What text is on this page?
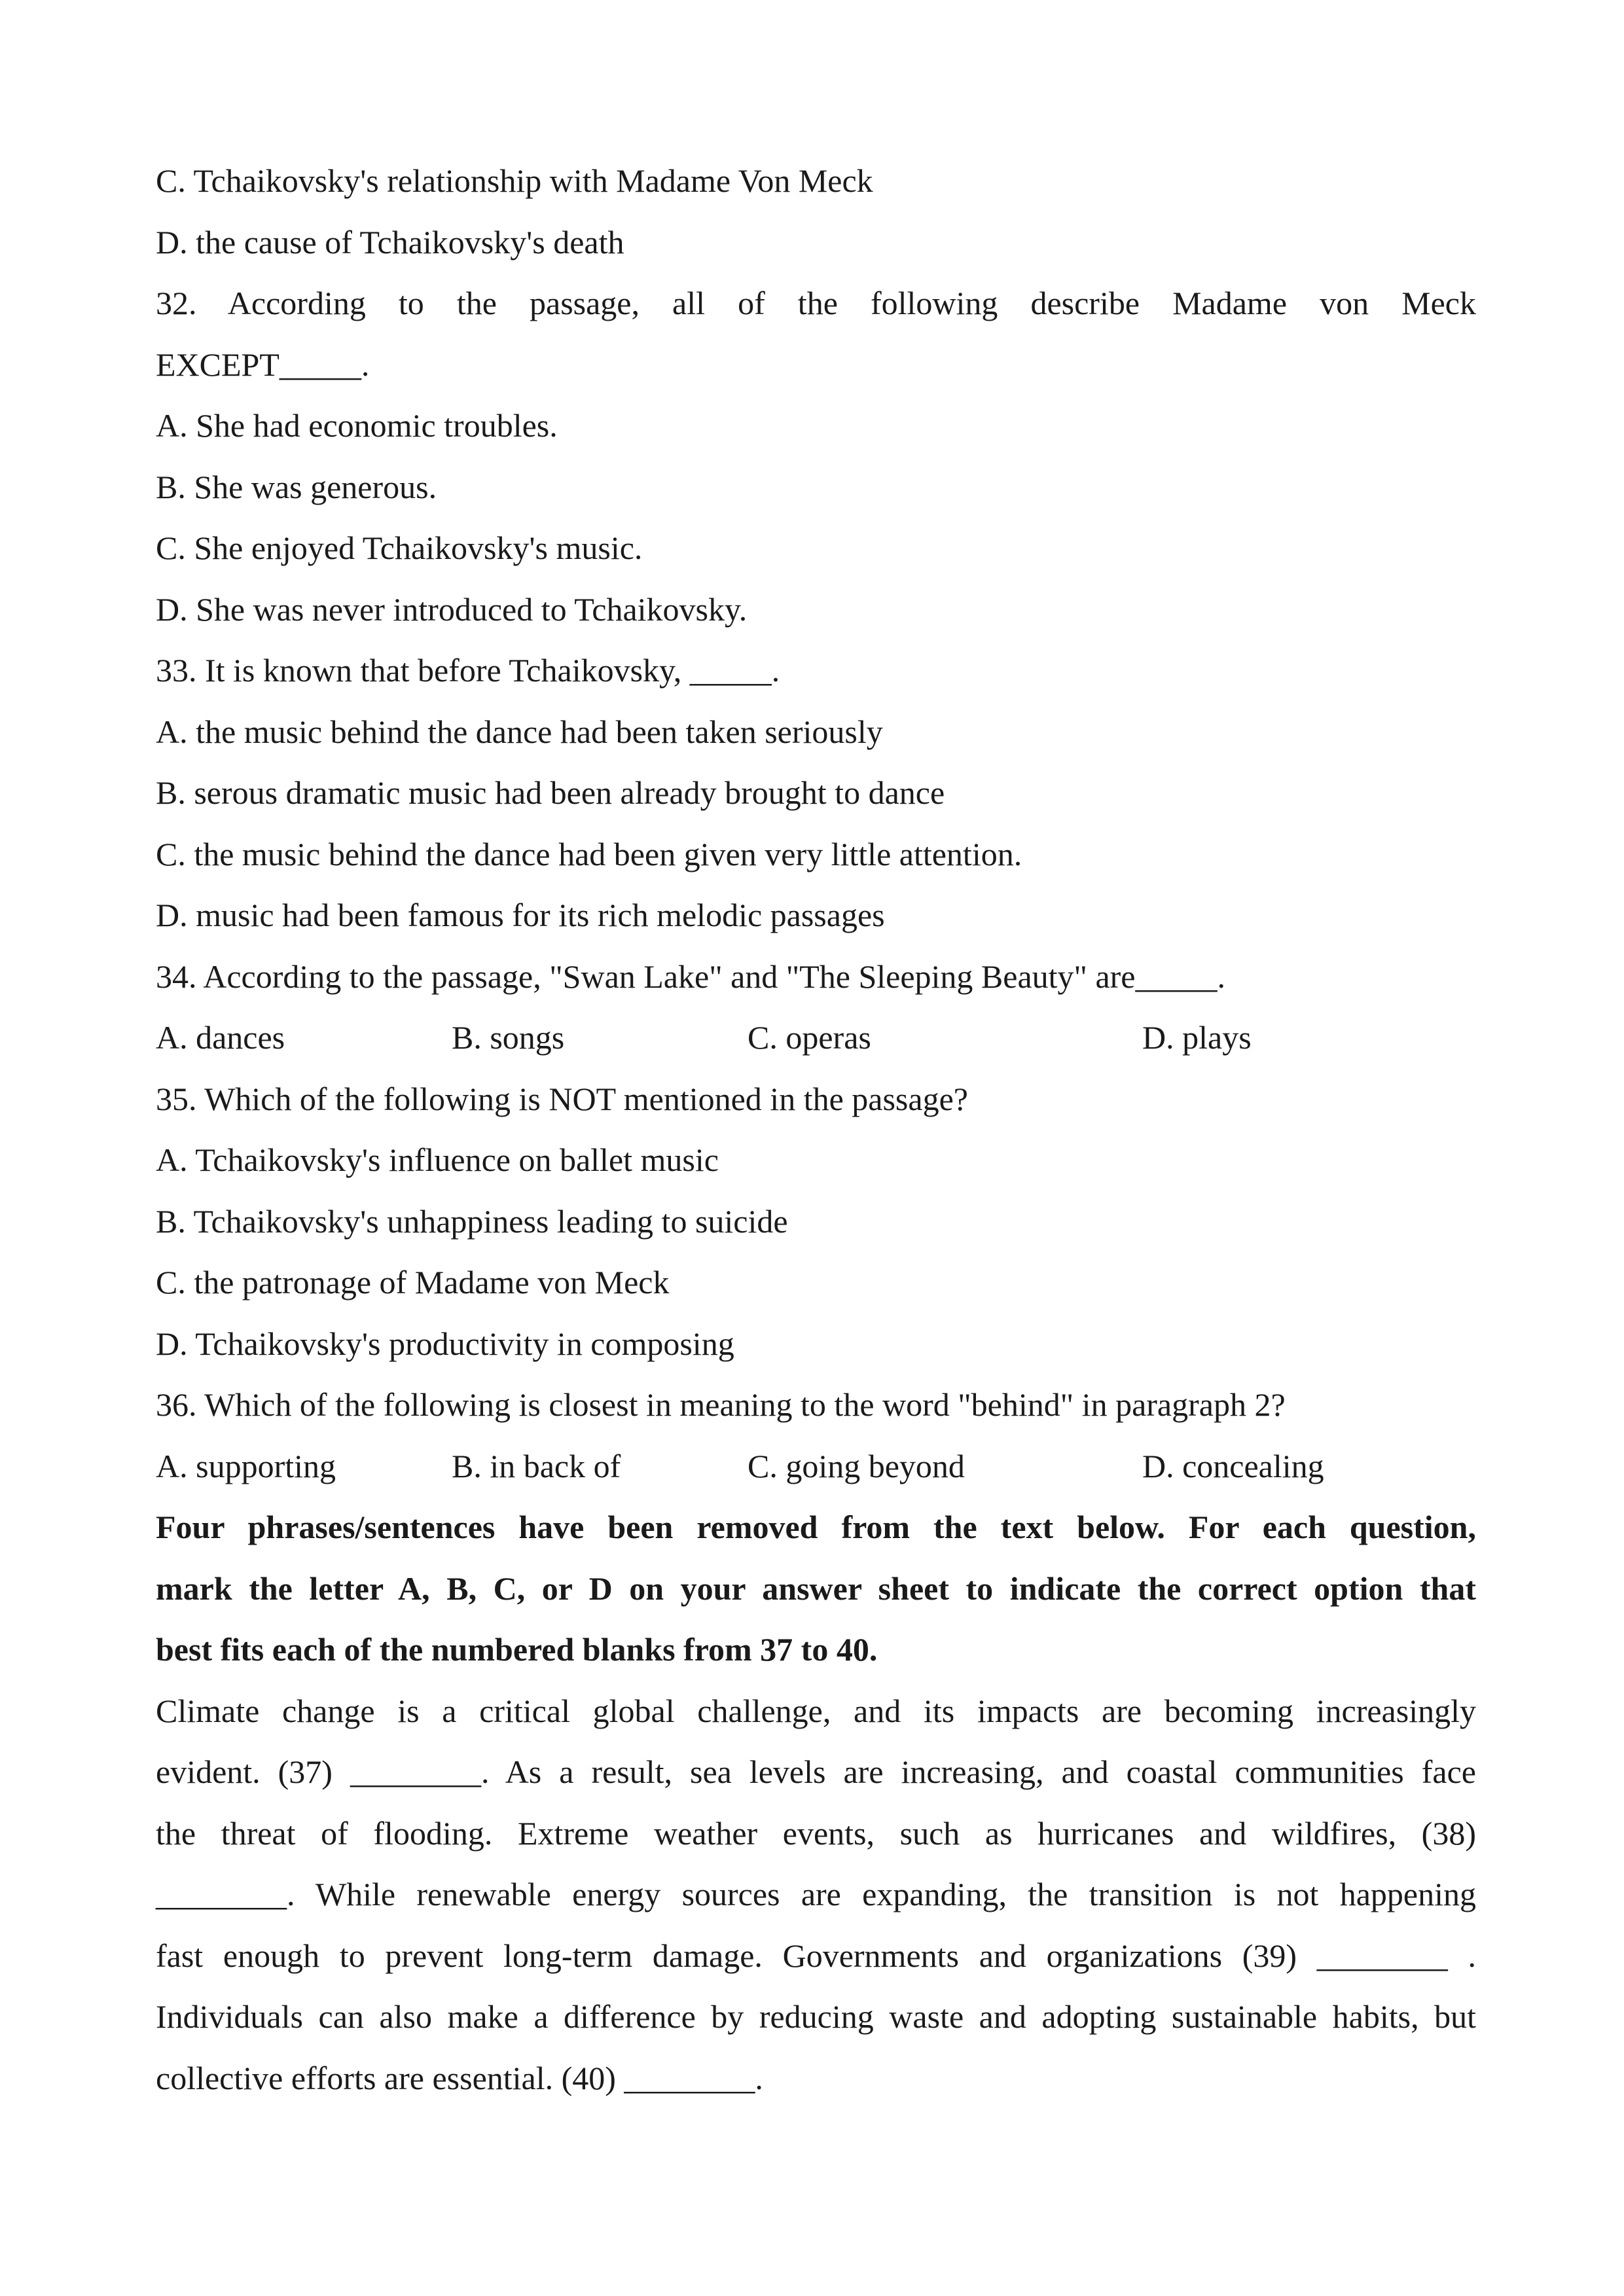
C. Tchaikovsky's relationship with Madame Von Meck
D. the cause of Tchaikovsky's death
32. According to the passage, all of the following describe Madame von Meck
EXCEPT_____.
A. She had economic troubles.
B. She was generous.
C. She enjoyed Tchaikovsky's music.
D. She was never introduced to Tchaikovsky.
33. It is known that before Tchaikovsky, _____.
A. the music behind the dance had been taken seriously
B. serous dramatic music had been already brought to dance
C. the music behind the dance had been given very little attention.
D. music had been famous for its rich melodic passages
34. According to the passage, "Swan Lake" and "The Sleeping Beauty" are_____.
A. dances	B. songs	C. operas	D. plays
35. Which of the following is NOT mentioned in the passage?
A. Tchaikovsky's influence on ballet music
B. Tchaikovsky's unhappiness leading to suicide
C. the patronage of Madame von Meck
D. Tchaikovsky's productivity in composing
36. Which of the following is closest in meaning to the word "behind" in paragraph 2?
A. supporting	B. in back of	C. going beyond	D. concealing
Four phrases/sentences have been removed from the text below. For each question,
mark the letter A, B, C, or D on your answer sheet to indicate the correct option that
best fits each of the numbered blanks from 37 to 40.
Climate change is a critical global challenge, and its impacts are becoming increasingly
evident. (37) ________. As a result, sea levels are increasing, and coastal communities face
the threat of flooding. Extreme weather events, such as hurricanes and wildfires, (38)
________. While renewable energy sources are expanding, the transition is not happening
fast enough to prevent long-term damage. Governments and organizations (39) ________ .
Individuals can also make a difference by reducing waste and adopting sustainable habits, but
collective efforts are essential. (40) ________.
